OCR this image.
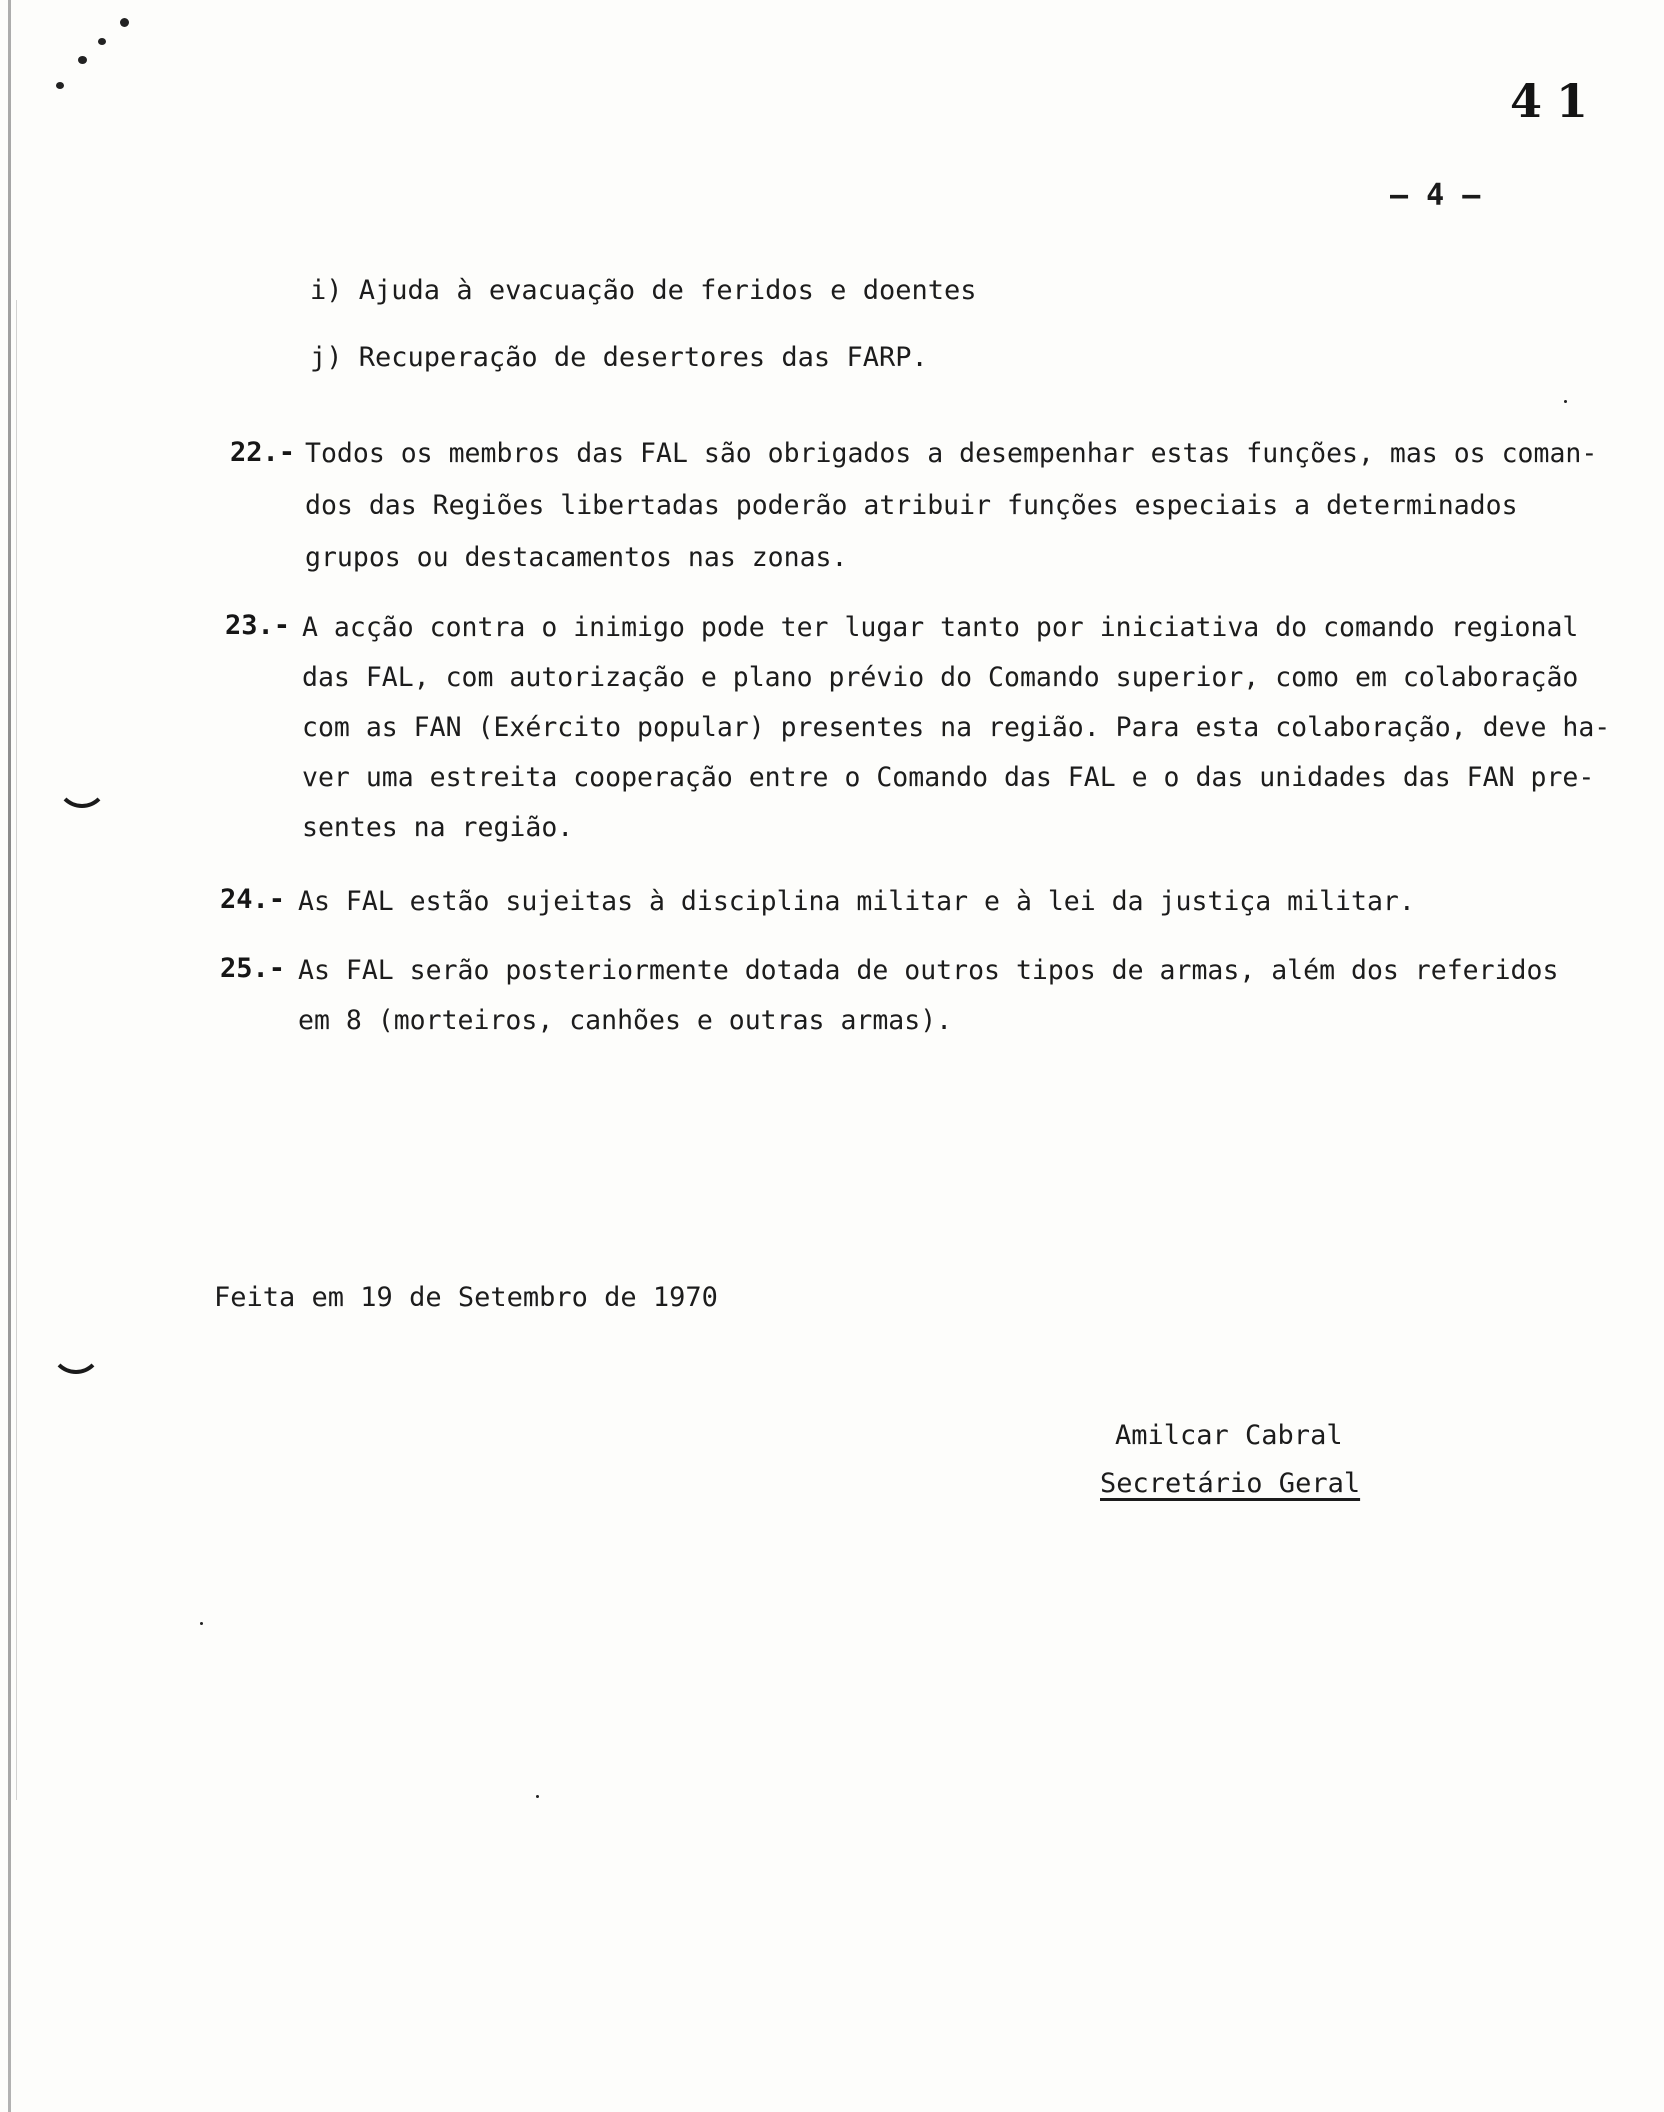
41
— 4 —
i) Ajuda à evacuação de feridos e doentes
j) Recuperação de desertores das FARP.
22.- Todos os membros das FAL são obrigados a desempenhar estas funções, mas os coman-
dos das Regiões libertadas poderão atribuir funções especiais a determinados
grupos ou destacamentos nas zonas.
23.- A acção contra o inimigo pode ter lugar tanto por iniciativa do comando regional
das FAL, com autorização e plano prévio do Comando superior, como em colaboração
com as FAN (Exército popular) presentes na região. Para esta colaboração, deve ha-
ver uma estreita cooperação entre o Comando das FAL e o das unidades das FAN pre-
sentes na região.
24.- As FAL estão sujeitas à disciplina militar e à lei da justiça militar.
25.- As FAL serão posteriormente dotada de outros tipos de armas, além dos referidos
em 8 (morteiros, canhões e outras armas).
Feita em 19 de Setembro de 1970
Amilcar Cabral
Secretário Geral
